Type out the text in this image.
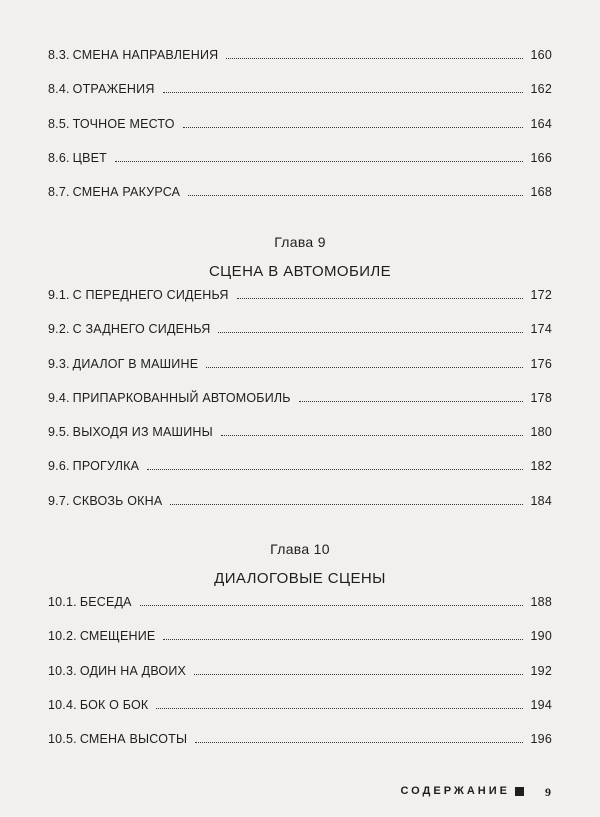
8.3. СМЕНА НАПРАВЛЕНИЯ	160
8.4. ОТРАЖЕНИЯ	162
8.5. ТОЧНОЕ МЕСТО	164
8.6. ЦВЕТ	166
8.7. СМЕНА РАКУРСА	168
Глава 9
СЦЕНА В АВТОМОБИЛЕ
9.1. С ПЕРЕДНЕГО СИДЕНЬЯ	172
9.2. С ЗАДНЕГО СИДЕНЬЯ	174
9.3. ДИАЛОГ В МАШИНЕ	176
9.4. ПРИПАРКОВАННЫЙ АВТОМОБИЛЬ	178
9.5. ВЫХОДЯ ИЗ МАШИНЫ	180
9.6. ПРОГУЛКА	182
9.7. СКВОЗЬ ОКНА	184
Глава 10
ДИАЛОГОВЫЕ СЦЕНЫ
10.1. БЕСЕДА	188
10.2. СМЕЩЕНИЕ	190
10.3. ОДИН НА ДВОИХ	192
10.4. БОК О БОК	194
10.5. СМЕНА ВЫСОТЫ	196
СОДЕРЖАНИЕ	9
